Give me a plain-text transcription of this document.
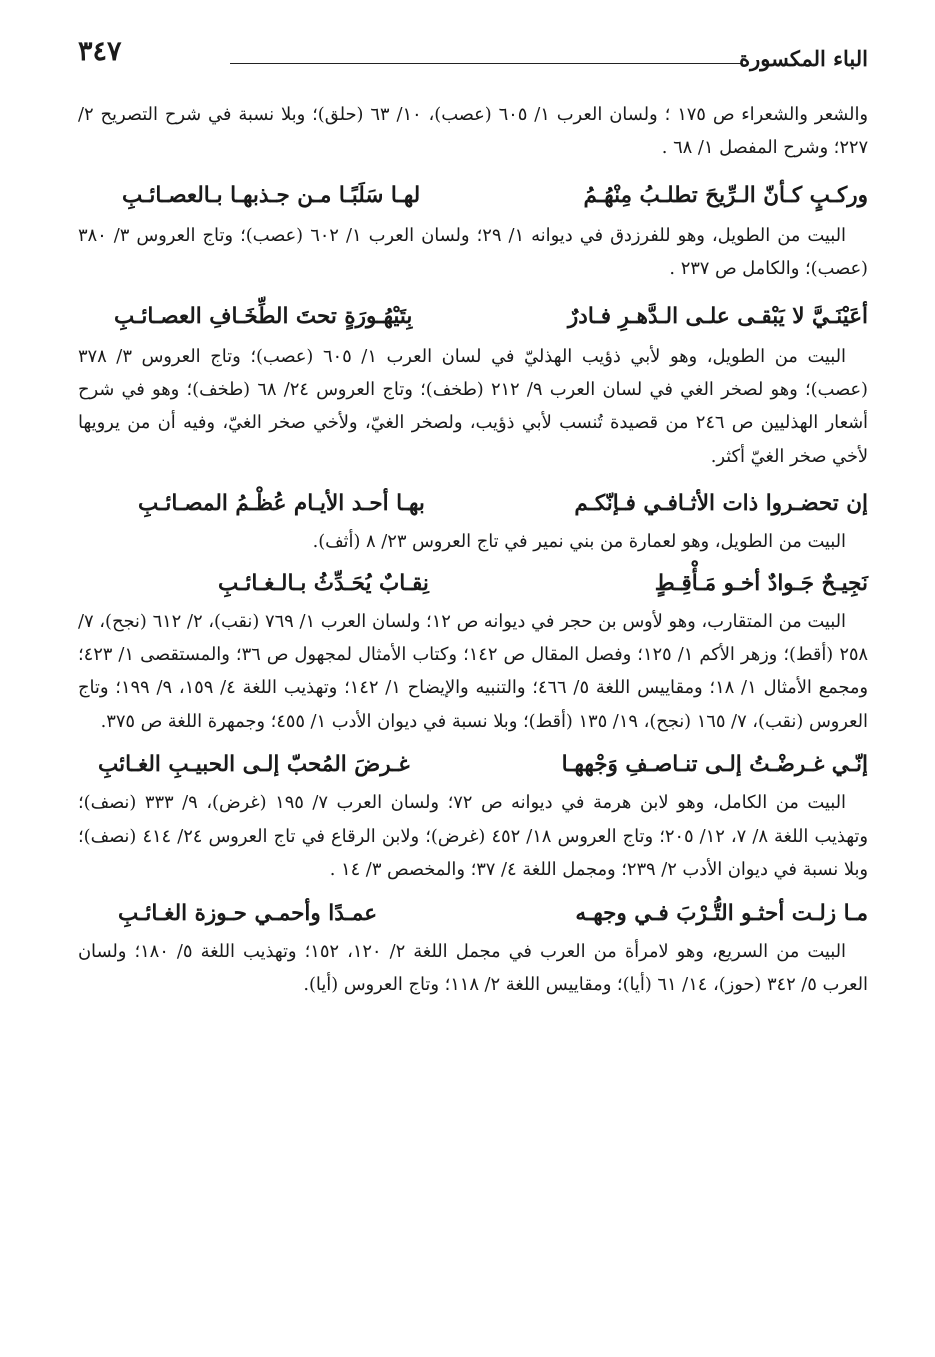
٣٤٧	الباء المكسورة

والشعر والشعراء ص ١٧٥ ؛ ولسان العرب ١/ ٦٠٥ (عصب)، ١٠/ ٦٣ (حلق)؛ وبلا نسبة في شرح التصريح ٢/ ٢٢٧؛ وشرح المفصل ١/ ٦٨ .

وركـبٍ كـأنّ الـرِّيحَ تطلـبُ مِنْهُـمُ
لهـا سَلَبًـا مـن جـذبهـا بـالعصـائـبِ

البيت من الطويل، وهو للفرزدق في ديوانه ١/ ٢٩؛ ولسان العرب ١/ ٦٠٢ (عصب)؛ وتاج العروس ٣/ ٣٨٠ (عصب)؛ والكامل ص ٢٣٧ .

أعَيْنَـيَّ لا يَبْقـى علـى الـدَّهـرِ فـادرٌ
بِتَيْهُـورَةٍ تحتَ الطِّخَـافِ العصـائـبِ

البيت من الطويل، وهو لأبي ذؤيب الهذليّ في لسان العرب ١/ ٦٠٥ (عصب)؛ وتاج العروس ٣/ ٣٧٨ (عصب)؛ وهو لصخر الغي في لسان العرب ٩/ ٢١٢ (طخف)؛ وتاج العروس ٢٤/ ٦٨ (طخف)؛ وهو في شرح أشعار الهذليين ص ٢٤٦ من قصيدة تُنسب لأبي ذؤيب، ولصخر الغيّ، ولأخي صخر الغيّ، وفيه أن من يرويها لأخي صخر الغيّ أكثر.

إن تحضـروا ذات الأثـافـي فـإنّكـم
بهـا أحـد الأيـام عُظْـمُ المصـائـبِ

البيت من الطويل، وهو لعمارة من بني نمير في تاج العروس ٢٣/ ٨ (أثف).

نَجِيـحٌ جَـوادٌ أخـو مَـأْقِـطٍ
نِقـابٌ يُحَـدِّثُ بـالـغـائـبِ

البيت من المتقارب، وهو لأوس بن حجر في ديوانه ص ١٢؛ ولسان العرب ١/ ٧٦٩ (نقب)، ٢/ ٦١٢ (نجح)، ٧/ ٢٥٨ (أقط)؛ وزهر الأكم ١/ ١٢٥؛ وفصل المقال ص ١٤٢؛ وكتاب الأمثال لمجهول ص ٣٦؛ والمستقصى ١/ ٤٢٣؛ ومجمع الأمثال ١/ ١٨؛ ومقاييس اللغة ٥/ ٤٦٦؛ والتنبيه والإيضاح ١/ ١٤٢؛ وتهذيب اللغة ٤/ ١٥٩، ٩/ ١٩٩؛ وتاج العروس (نقب)، ٧/ ١٦٥ (نجح)، ١٩/ ١٣٥ (أقط)؛ وبلا نسبة في ديوان الأدب ١/ ٤٥٥؛ وجمهرة اللغة ص ٣٧٥.

إنّـي غـرضْـتُ إلـى تنـاصـفِ وَجْههـا
غـرضَ المُحبّ إلـى الحبيـبِ الغـائبِ

البيت من الكامل، وهو لابن هرمة في ديوانه ص ٧٢؛ ولسان العرب ٧/ ١٩٥ (غرض)، ٩/ ٣٣٣ (نصف)؛ وتهذيب اللغة ٨/ ٧، ١٢/ ٢٠٥؛ وتاج العروس ١٨/ ٤٥٢ (غرض)؛ ولابن الرقاع في تاج العروس ٢٤/ ٤١٤ (نصف)؛ وبلا نسبة في ديوان الأدب ٢/ ٢٣٩؛ ومجمل اللغة ٤/ ٣٧؛ والمخصص ٣/ ١٤ .

مـا زلـت أحثـو التُّـرْبَ فـي وجهـه
عمـدًا وأحمـي حـوزة الغـائـبِ

البيت من السريع، وهو لامرأة من العرب في مجمل اللغة ٢/ ١٢٠، ١٥٢؛ وتهذيب اللغة ٥/ ١٨٠؛ ولسان العرب ٥/ ٣٤٢ (حوز)، ١٤/ ٦١ (أيا)؛ ومقاييس اللغة ٢/ ١١٨؛ وتاج العروس (أيا).
